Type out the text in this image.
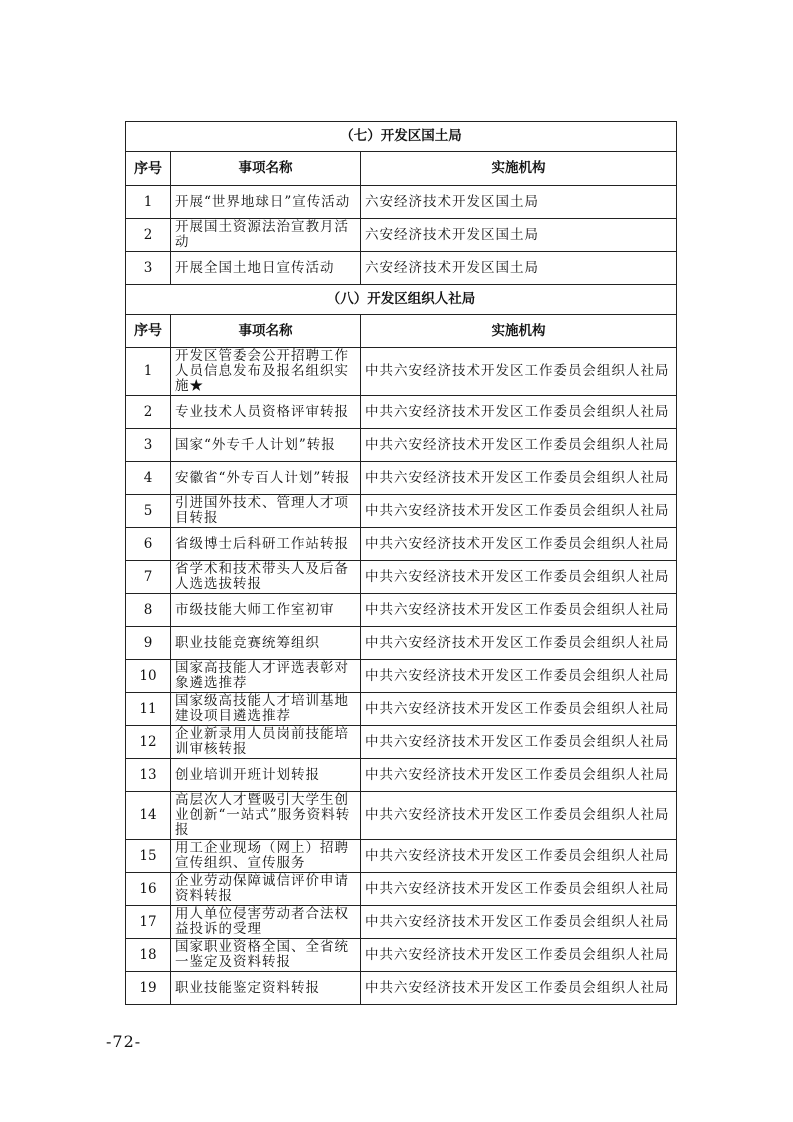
（七）开发区国土局		
序号	事项名称	实施机构
1	开展“世界地球日”宣传活动	六安经济技术开发区国土局
2	开展国土资源法治宣教月活动	六安经济技术开发区国土局
3	开展全国土地日宣传活动	六安经济技术开发区国土局
（八）开发区组织人社局		
序号	事项名称	实施机构
1	开发区管委会公开招聘工作人员信息发布及报名组织实施★	中共六安经济技术开发区工作委员会组织人社局
2	专业技术人员资格评审转报	中共六安经济技术开发区工作委员会组织人社局
3	国家“外专千人计划”转报	中共六安经济技术开发区工作委员会组织人社局
4	安徽省“外专百人计划”转报	中共六安经济技术开发区工作委员会组织人社局
5	引进国外技术、管理人才项目转报	中共六安经济技术开发区工作委员会组织人社局
6	省级博士后科研工作站转报	中共六安经济技术开发区工作委员会组织人社局
7	省学术和技术带头人及后备人选选拔转报	中共六安经济技术开发区工作委员会组织人社局
8	市级技能大师工作室初审	中共六安经济技术开发区工作委员会组织人社局
9	职业技能竞赛统筹组织	中共六安经济技术开发区工作委员会组织人社局
10	国家高技能人才评选表彰对象遴选推荐	中共六安经济技术开发区工作委员会组织人社局
11	国家级高技能人才培训基地建设项目遴选推荐	中共六安经济技术开发区工作委员会组织人社局
12	企业新录用人员岗前技能培训审核转报	中共六安经济技术开发区工作委员会组织人社局
13	创业培训开班计划转报	中共六安经济技术开发区工作委员会组织人社局
14	高层次人才暨吸引大学生创业创新“一站式”服务资料转报	中共六安经济技术开发区工作委员会组织人社局
15	用工企业现场（网上）招聘宣传组织、宣传服务	中共六安经济技术开发区工作委员会组织人社局
16	企业劳动保障诚信评价申请资料转报	中共六安经济技术开发区工作委员会组织人社局
17	用人单位侵害劳动者合法权益投诉的受理	中共六安经济技术开发区工作委员会组织人社局
18	国家职业资格全国、全省统一鉴定及资料转报	中共六安经济技术开发区工作委员会组织人社局
19	职业技能鉴定资料转报	中共六安经济技术开发区工作委员会组织人社局
-72-
